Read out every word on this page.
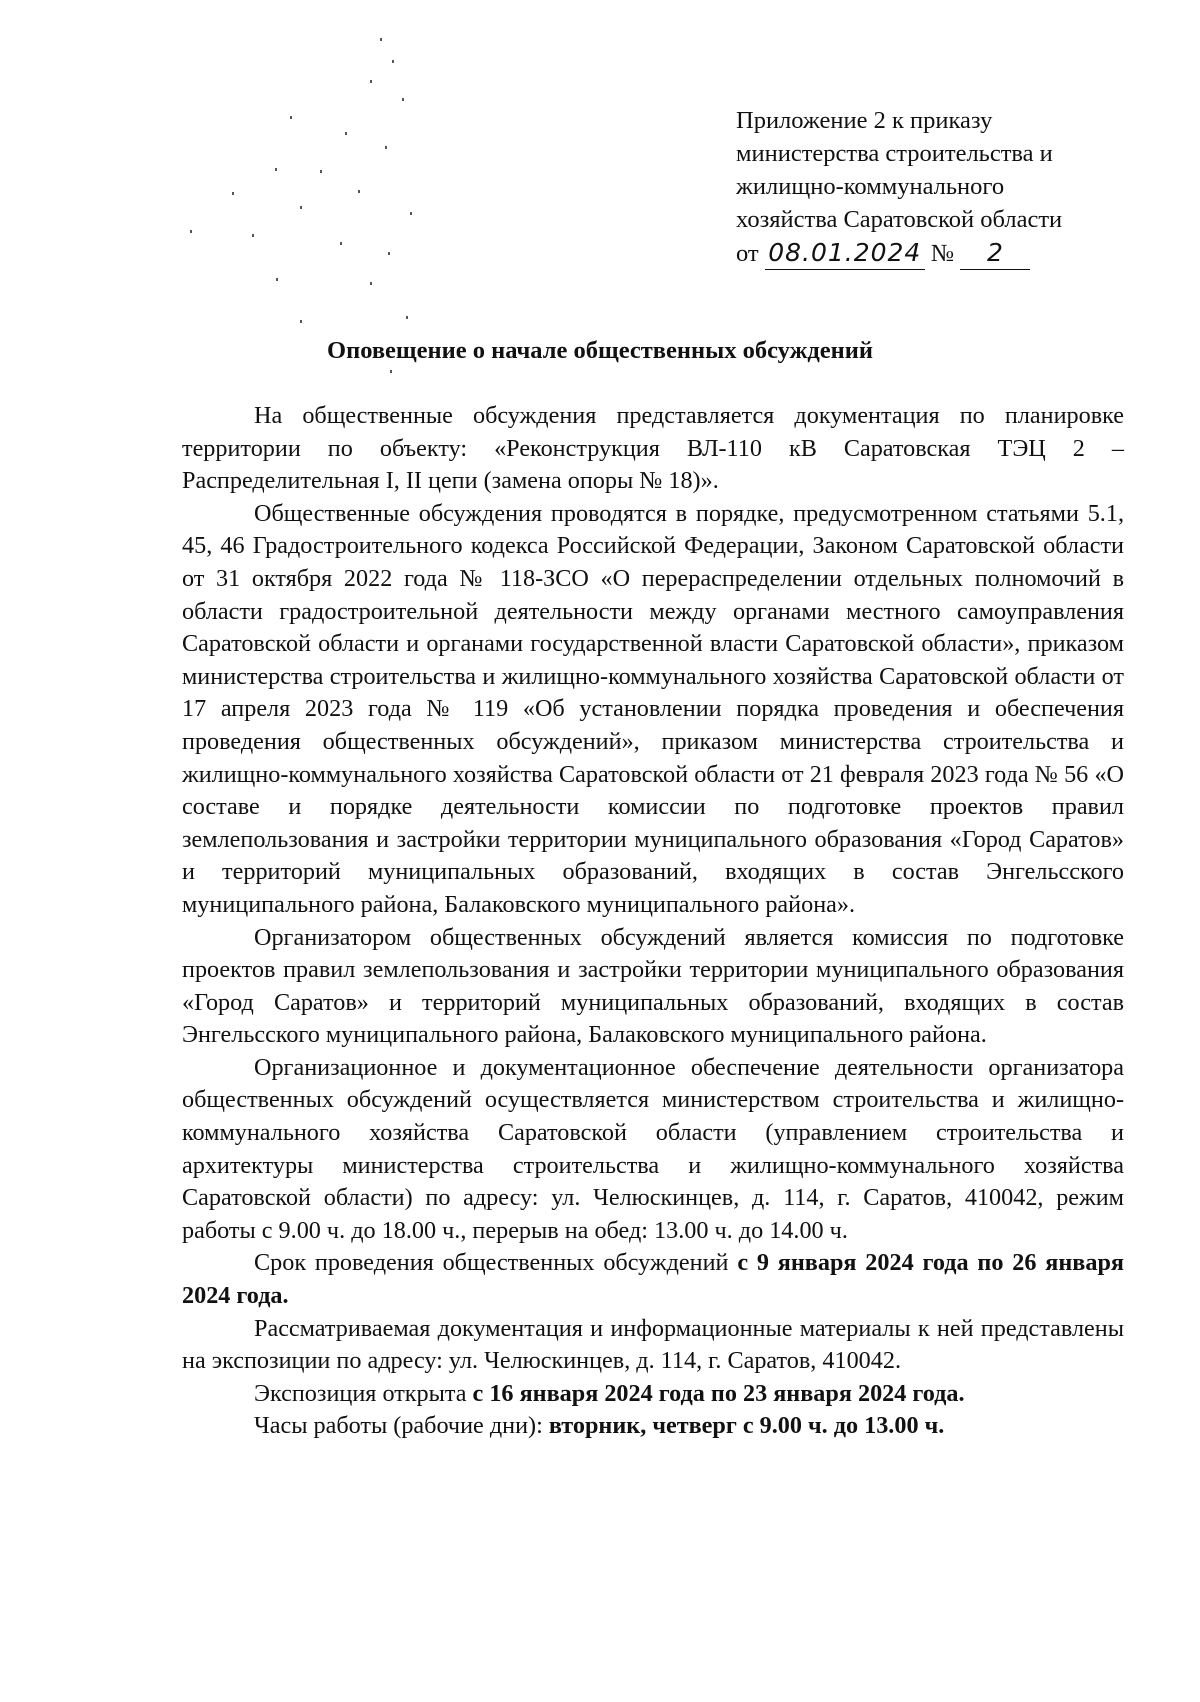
Приложение 2 к приказу
министерства строительства и
жилищно-коммунального
хозяйства Саратовской области
от 08.01.2024 № 2
Оповещение о начале общественных обсуждений

На общественные обсуждения представляется документация по планировке территории по объекту: «Реконструкция ВЛ-110 кВ Саратовская ТЭЦ 2 – Распределительная I, II цепи (замена опоры № 18)».

Общественные обсуждения проводятся в порядке, предусмотренном статьями 5.1, 45, 46 Градостроительного кодекса Российской Федерации, Законом Саратовской области от 31 октября 2022 года № 118-ЗСО «О перераспределении отдельных полномочий в области градостроительной деятельности между органами местного самоуправления Саратовской области и органами государственной власти Саратовской области», приказом министерства строительства и жилищно-коммунального хозяйства Саратовской области от 17 апреля 2023 года № 119 «Об установлении порядка проведения и обеспечения проведения общественных обсуждений», приказом министерства строительства и жилищно-коммунального хозяйства Саратовской области от 21 февраля 2023 года № 56 «О составе и порядке деятельности комиссии по подготовке проектов правил землепользования и застройки территории муниципального образования «Город Саратов» и территорий муниципальных образований, входящих в состав Энгельсского муниципального района, Балаковского муниципального района».

Организатором общественных обсуждений является комиссия по подготовке проектов правил землепользования и застройки территории муниципального образования «Город Саратов» и территорий муниципальных образований, входящих в состав Энгельсского муниципального района, Балаковского муниципального района.

Организационное и документационное обеспечение деятельности организатора общественных обсуждений осуществляется министерством строительства и жилищно-коммунального хозяйства Саратовской области (управлением строительства и архитектуры министерства строительства и жилищно-коммунального хозяйства Саратовской области) по адресу: ул. Челюскинцев, д. 114, г. Саратов, 410042, режим работы с 9.00 ч. до 18.00 ч., перерыв на обед: 13.00 ч. до 14.00 ч.

Срок проведения общественных обсуждений с 9 января 2024 года по 26 января 2024 года.

Рассматриваемая документация и информационные материалы к ней представлены на экспозиции по адресу: ул. Челюскинцев, д. 114, г. Саратов, 410042.

Экспозиция открыта с 16 января 2024 года по 23 января 2024 года.

Часы работы (рабочие дни): вторник, четверг с 9.00 ч. до 13.00 ч.
